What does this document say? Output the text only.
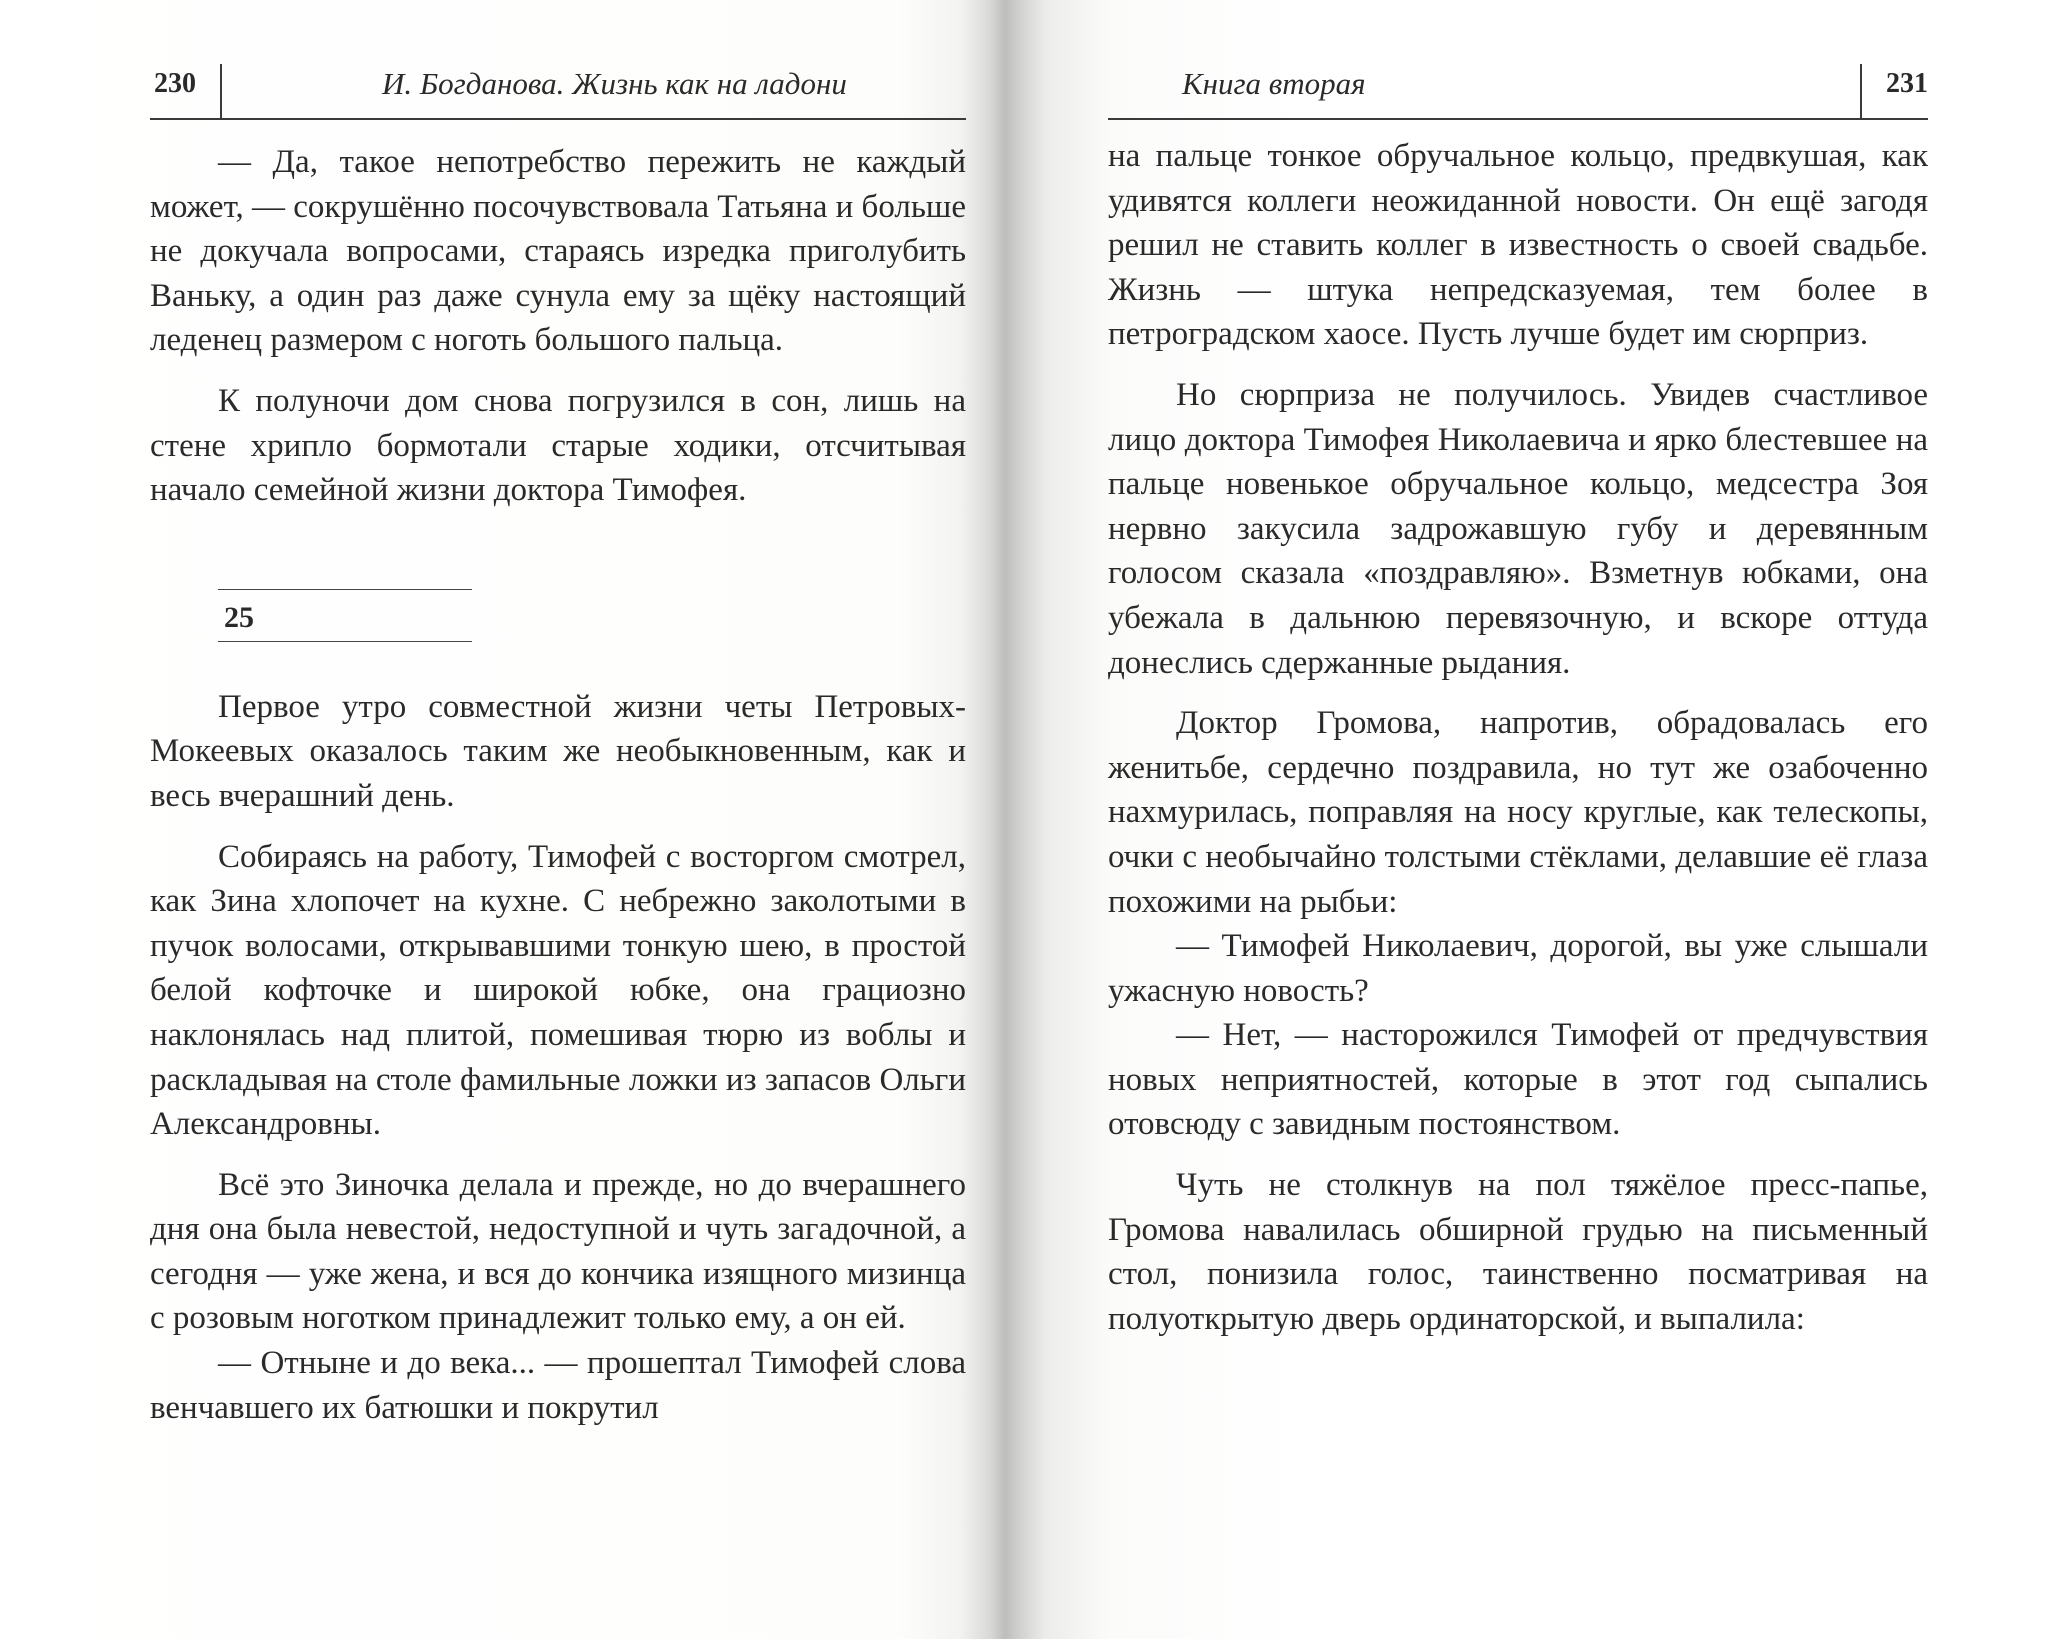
230	И. Богданова. Жизнь как на ладони

— Да, такое непотребство пережить не каждый может, — сокрушённо посочувствовала Татьяна и больше не докучала вопросами, стараясь изредка приголубить Ваньку, а один раз даже сунула ему за щёку настоящий леденец размером с ноготь большого пальца.

К полуночи дом снова погрузился в сон, лишь на стене хрипло бормотали старые ходики, отсчитывая начало семейной жизни доктора Тимофея.

25

Первое утро совместной жизни четы Петровых-Мокеевых оказалось таким же необыкновенным, как и весь вчерашний день.

Собираясь на работу, Тимофей с восторгом смотрел, как Зина хлопочет на кухне. С небрежно заколотыми в пучок волосами, открывавшими тонкую шею, в простой белой кофточке и широкой юбке, она грациозно наклонялась над плитой, помешивая тюрю из воблы и раскладывая на столе фамильные ложки из запасов Ольги Александровны.

Всё это Зиночка делала и прежде, но до вчерашнего дня она была невестой, недоступной и чуть загадочной, а сегодня — уже жена, и вся до кончика изящного мизинца с розовым ноготком принадлежит только ему, а он ей.

— Отныне и до века... — прошептал Тимофей слова венчавшего их батюшки и покрутил

Книга вторая	231

на пальце тонкое обручальное кольцо, предвкушая, как удивятся коллеги неожиданной новости. Он ещё загодя решил не ставить коллег в известность о своей свадьбе. Жизнь — штука непредсказуемая, тем более в петроградском хаосе. Пусть лучше будет им сюрприз.

Но сюрприза не получилось. Увидев счастливое лицо доктора Тимофея Николаевича и ярко блестевшее на пальце новенькое обручальное кольцо, медсестра Зоя нервно закусила задрожавшую губу и деревянным голосом сказала «поздравляю». Взметнув юбками, она убежала в дальнюю перевязочную, и вскоре оттуда донеслись сдержанные рыдания.

Доктор Громова, напротив, обрадовалась его женитьбе, сердечно поздравила, но тут же озабоченно нахмурилась, поправляя на носу круглые, как телескопы, очки с необычайно толстыми стёклами, делавшие её глаза похожими на рыбьи:

— Тимофей Николаевич, дорогой, вы уже слышали ужасную новость?

— Нет, — насторожился Тимофей от предчувствия новых неприятностей, которые в этот год сыпались отовсюду с завидным постоянством.

Чуть не столкнув на пол тяжёлое пресс-папье, Громова навалилась обширной грудью на письменный стол, понизила голос, таинственно посматривая на полуоткрытую дверь ординаторской, и выпалила:
